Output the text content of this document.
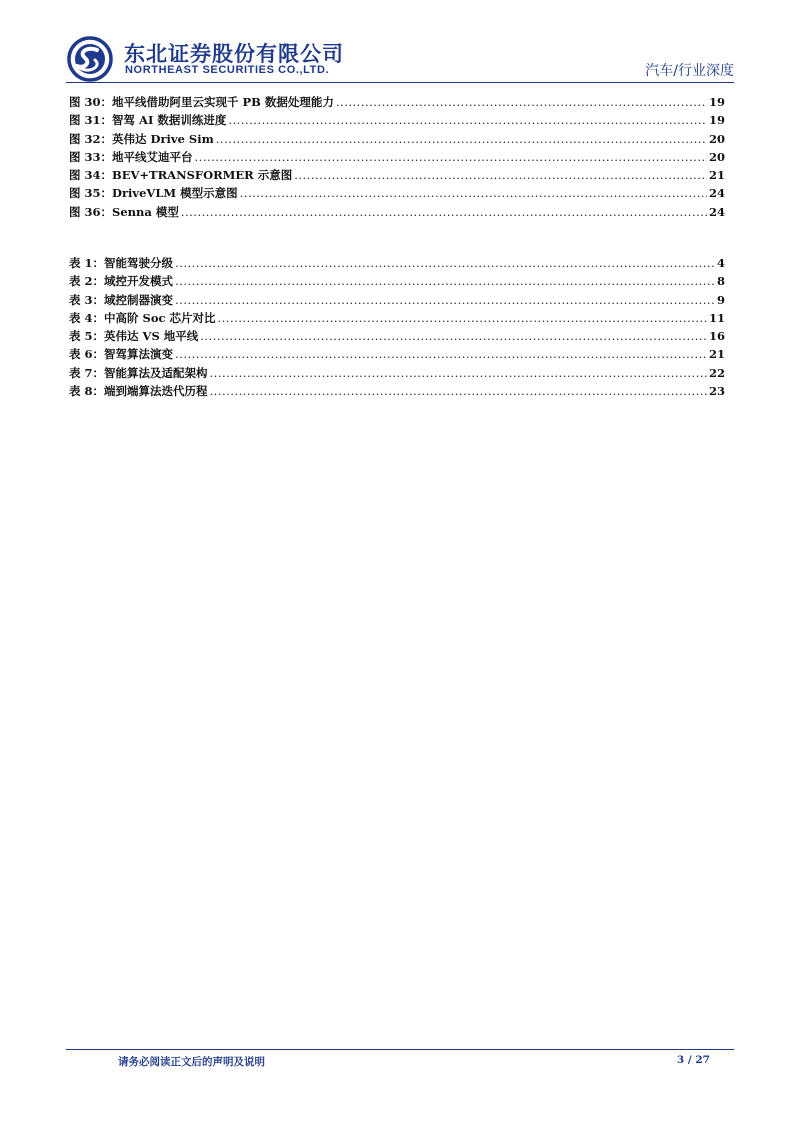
东北证券股份有限公司
NORTHEAST SECURITIES CO.,LTD.	汽车/行业深度
图 30： 地平线借助阿里云实现千 PB 数据处理能力 .....	19
图 31： 智驾 AI 数据训练进度 .....	19
图 32： 英伟达 Drive Sim .....	20
图 33： 地平线艾迪平台 .....	20
图 34： BEV+TRANSFORMER 示意图 .....	21
图 35： DriveVLM 模型示意图 .....	24
图 36： Senna 模型 .....	24
表 1： 智能驾驶分级 .....	4
表 2： 域控开发模式 .....	8
表 3： 域控制器演变 .....	9
表 4： 中高阶 Soc 芯片对比 .....	11
表 5： 英伟达 VS 地平线 .....	16
表 6： 智驾算法演变 .....	21
表 7： 智能算法及适配架构 .....	22
表 8： 端到端算法迭代历程 .....	23
请务必阅读正文后的声明及说明	3 / 27
